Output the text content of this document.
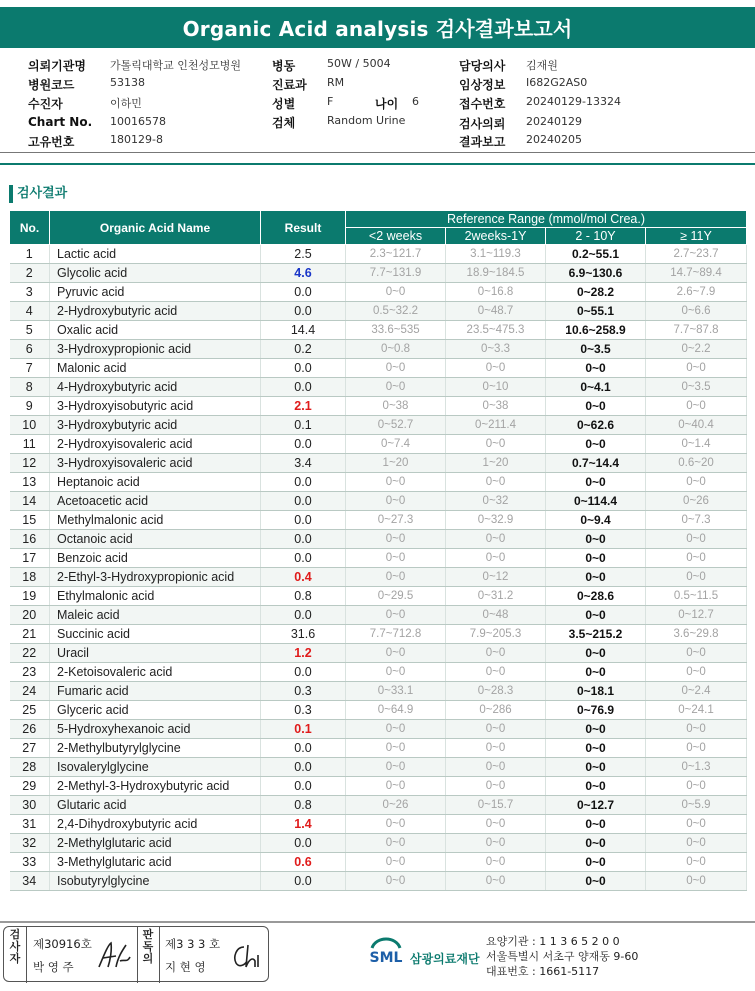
Organic Acid analysis 검사결과보고서
의뢰기관명 가톨릭대학교 인천성모병원
병원코드	53138
수진자	이하민
Chart No. 10016578
고유번호	180129-8
병동	50W / 5004
진료과 RM
성별	F	나이 6
검체	Random Urine
담당의사 김재원
임상정보 I682G2AS0
접수번호 20240129-13324
검사의뢰 20240129
결과보고 20240205
검사결과
No.	Organic Acid Name	Result	Reference Range (mmol/mol Crea.)			
			<2 weeks	2weeks-1Y	2 - 10Y	≥ 11Y
1	Lactic acid	2.5	2.3~121.7	3.1~119.3	0.2~55.1	2.7~23.7
2	Glycolic acid	4.6	7.7~131.9	18.9~184.5	6.9~130.6	14.7~89.4
3	Pyruvic acid	0.0	0~0	0~16.8	0~28.2	2.6~7.9
4	2-Hydroxybutyric acid	0.0	0.5~32.2	0~48.7	0~55.1	0~6.6
5	Oxalic acid	14.4	33.6~535	23.5~475.3	10.6~258.9	7.7~87.8
6	3-Hydroxypropionic acid	0.2	0~0.8	0~3.3	0~3.5	0~2.2
7	Malonic acid	0.0	0~0	0~0	0~0	0~0
8	4-Hydroxybutyric acid	0.0	0~0	0~10	0~4.1	0~3.5
9	3-Hydroxyisobutyric acid	2.1	0~38	0~38	0~0	0~0
10	3-Hydroxybutyric acid	0.1	0~52.7	0~211.4	0~62.6	0~40.4
11	2-Hydroxyisovaleric acid	0.0	0~7.4	0~0	0~0	0~1.4
12	3-Hydroxyisovaleric acid	3.4	1~20	1~20	0.7~14.4	0.6~20
13	Heptanoic acid	0.0	0~0	0~0	0~0	0~0
14	Acetoacetic acid	0.0	0~0	0~32	0~114.4	0~26
15	Methylmalonic acid	0.0	0~27.3	0~32.9	0~9.4	0~7.3
16	Octanoic acid	0.0	0~0	0~0	0~0	0~0
17	Benzoic acid	0.0	0~0	0~0	0~0	0~0
18	2-Ethyl-3-Hydroxypropionic acid	0.4	0~0	0~12	0~0	0~0
19	Ethylmalonic acid	0.8	0~29.5	0~31.2	0~28.6	0.5~11.5
20	Maleic acid	0.0	0~0	0~48	0~0	0~12.7
21	Succinic acid	31.6	7.7~712.8	7.9~205.3	3.5~215.2	3.6~29.8
22	Uracil	1.2	0~0	0~0	0~0	0~0
23	2-Ketoisovaleric acid	0.0	0~0	0~0	0~0	0~0
24	Fumaric acid	0.3	0~33.1	0~28.3	0~18.1	0~2.4
25	Glyceric acid	0.3	0~64.9	0~286	0~76.9	0~24.1
26	5-Hydroxyhexanoic acid	0.1	0~0	0~0	0~0	0~0
27	2-Methylbutyrylglycine	0.0	0~0	0~0	0~0	0~0
28	Isovalerylglycine	0.0	0~0	0~0	0~0	0~1.3
29	2-Methyl-3-Hydroxybutyric acid	0.0	0~0	0~0	0~0	0~0
30	Glutaric acid	0.8	0~26	0~15.7	0~12.7	0~5.9
31	2,4-Dihydroxybutyric acid	1.4	0~0	0~0	0~0	0~0
32	2-Methylglutaric acid	0.0	0~0	0~0	0~0	0~0
33	3-Methylglutaric acid	0.6	0~0	0~0	0~0	0~0
34	Isobutyrylglycine	0.0	0~0	0~0	0~0	0~0
검사자
제30916호
박 영 주
판독의
제3 3 3 호
지 현 영
SML 삼광의료재단
요양기관 : 1 1 3 6 5 2 0 0
서울특별시 서초구 양재동 9-60
대표번호 : 1661-5117
